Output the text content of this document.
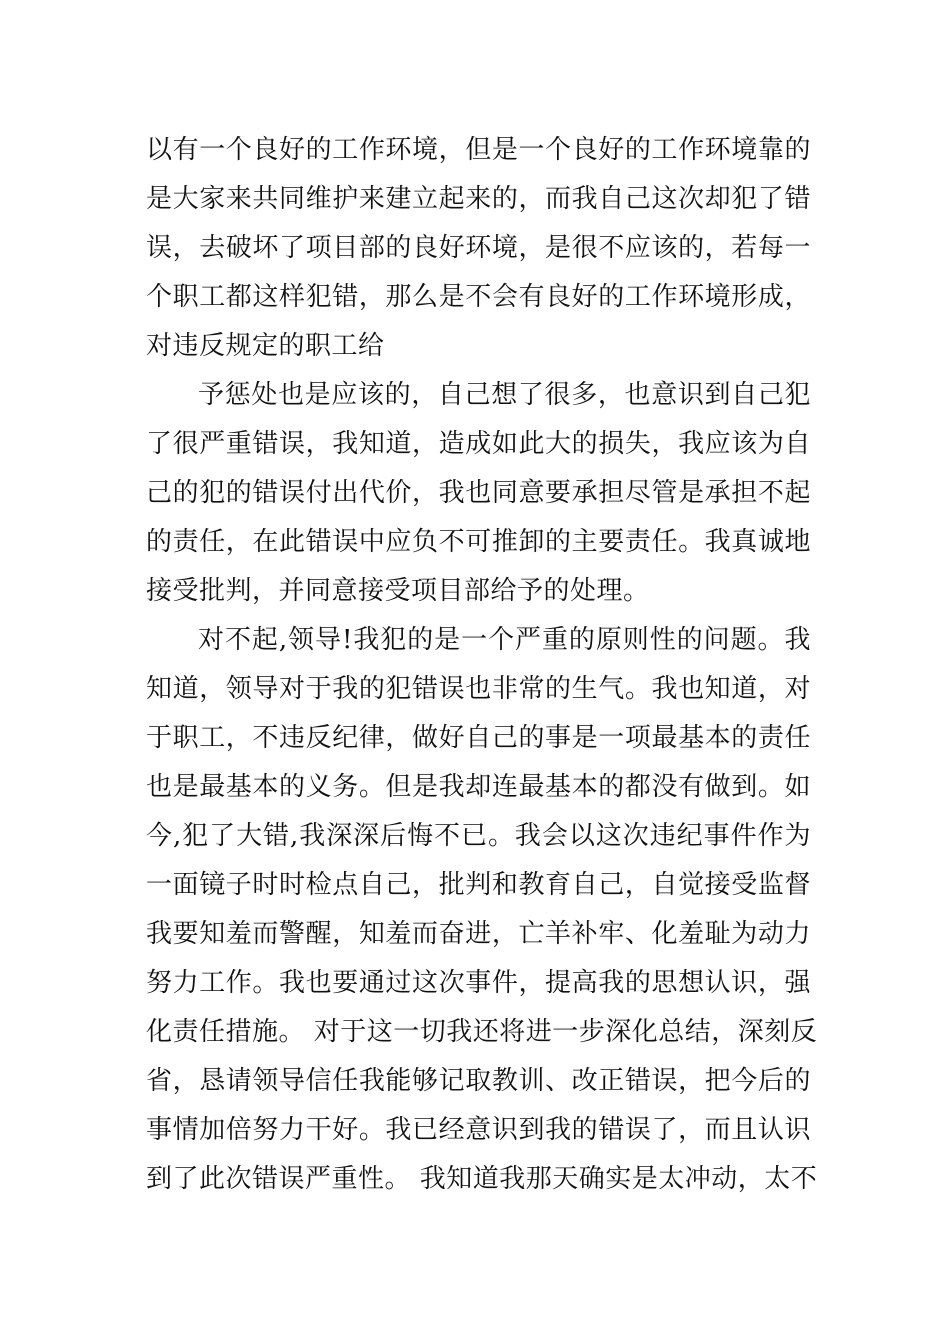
以有一个良好的工作环境，但是一个良好的工作环境靠的
是大家来共同维护来建立起来的，而我自己这次却犯了错
误，去破坏了项目部的良好环境，是很不应该的，若每一
个职工都这样犯错，那么是不会有良好的工作环境形成，
对违反规定的职工给
予惩处也是应该的，自己想了很多，也意识到自己犯
了很严重错误，我知道，造成如此大的损失，我应该为自
己的犯的错误付出代价，我也同意要承担尽管是承担不起
的责任，在此错误中应负不可推卸的主要责任。我真诚地
接受批判，并同意接受项目部给予的处理。
对不起,领导!我犯的是一个严重的原则性的问题。我
知道，领导对于我的犯错误也非常的生气。我也知道，对
于职工，不违反纪律，做好自己的事是一项最基本的责任
也是最基本的义务。但是我却连最基本的都没有做到。如
今,犯了大错,我深深后悔不已。我会以这次违纪事件作为
一面镜子时时检点自己，批判和教育自己，自觉接受监督
我要知羞而警醒，知羞而奋进，亡羊补牢、化羞耻为动力
努力工作。我也要通过这次事件，提高我的思想认识，强
化责任措施。 对于这一切我还将进一步深化总结，深刻反
省，恳请领导信任我能够记取教训、改正错误，把今后的
事情加倍努力干好。我已经意识到我的错误了，而且认识
到了此次错误严重性。 我知道我那天确实是太冲动，太不
